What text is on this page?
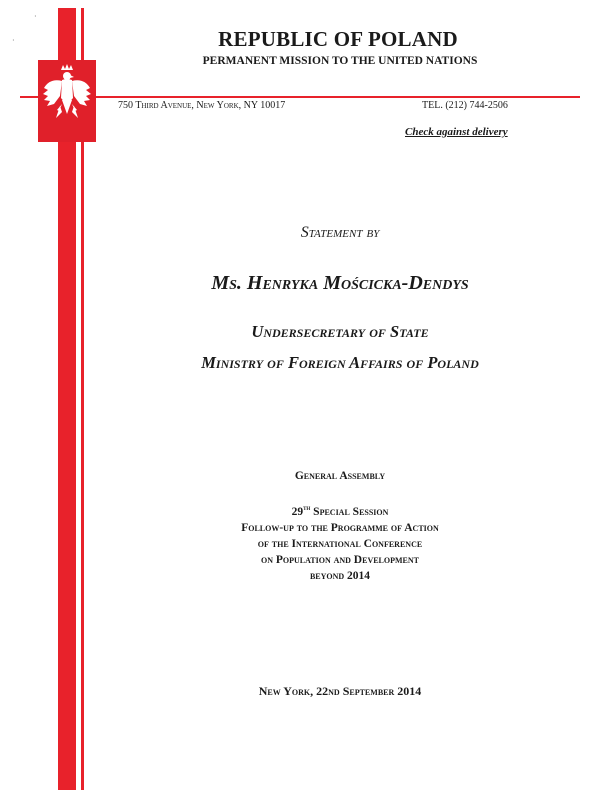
REPUBLIC OF POLAND
PERMANENT MISSION TO THE UNITED NATIONS
750 Third Avenue, New York, NY 10017	TEL. (212) 744-2506
Check against delivery
Statement by
Ms. Henryka Mościcka-Dendys
Undersecretary of State
Ministry of Foreign Affairs of Poland
General Assembly
29th Special Session
Follow-up to the Programme of Action
of the International Conference
on Population and Development
beyond 2014
New York, 22nd September 2014
·
·
